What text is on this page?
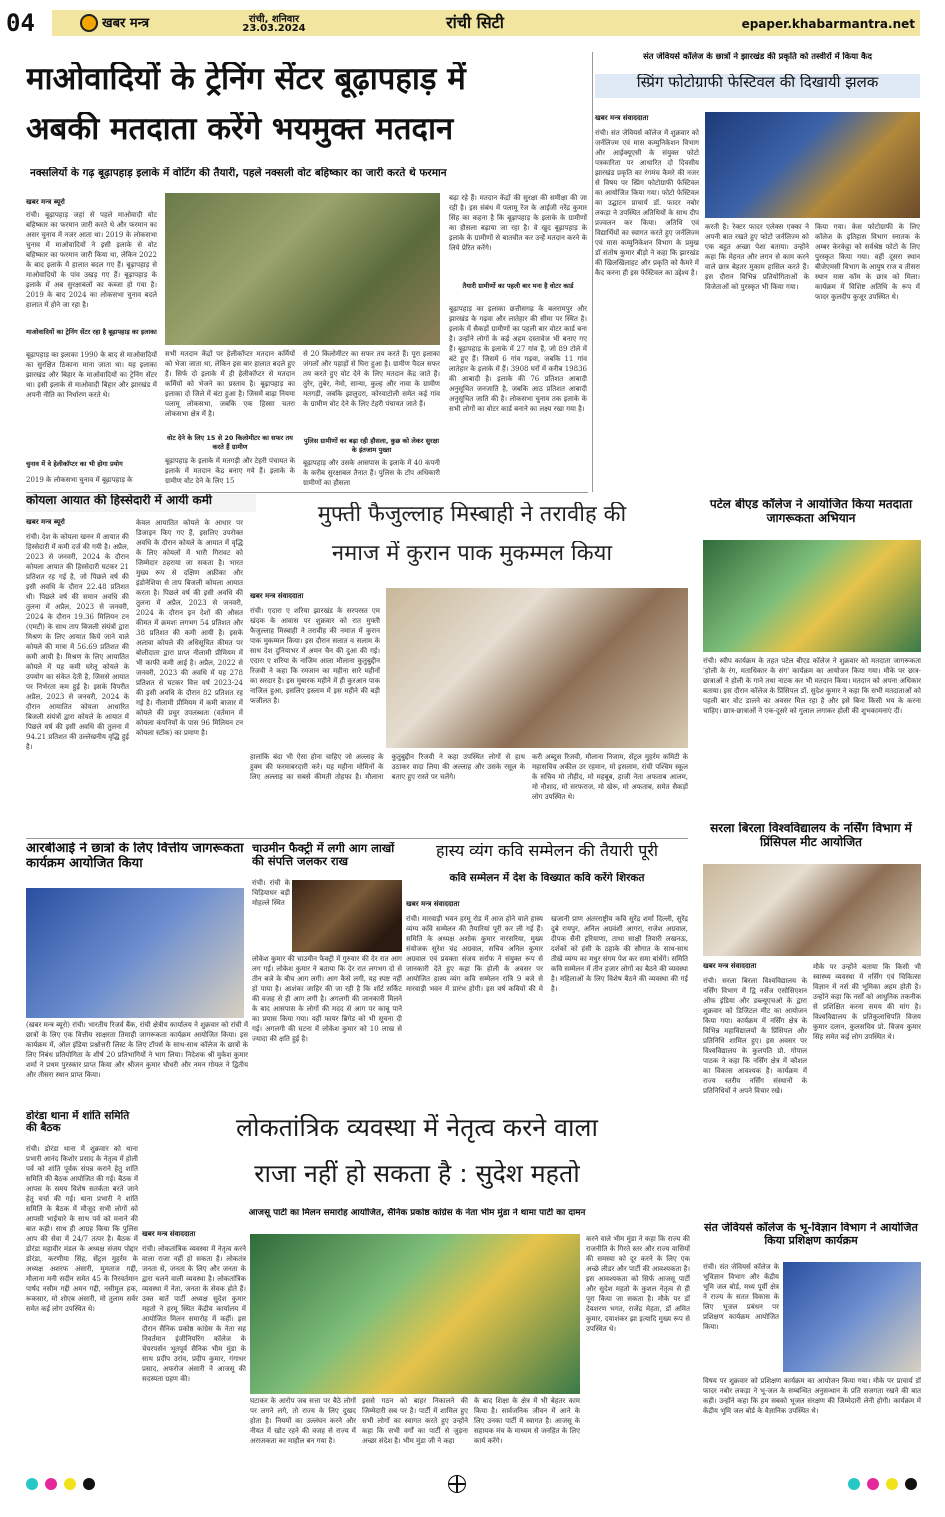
04	खबर मन्त्र	रांची, शनिवार
23.03.2024	रांची सिटी	epaper.khabarmantra.net
माओवादियों के ट्रेनिंग सेंटर बूढ़ापहाड़ में
अबकी मतदाता करेंगे भयमुक्त मतदान
नक्सलियों के गढ़ बूढ़ापहाड़ इलाके में वोटिंग की तैयारी, पहले नक्सली वोट बहिष्कार का जारी करते थे फरमान
खबर मन्त्र ब्यूरो
रांची। बूढ़ापहाड़ जहां से पहले माओवादी वोट बहिष्कार का फरमान जारी करते थे और फरमान का असर चुनाव में नजर आता था। 2019 के लोकसभा चुनाव में माओवादियों ने इसी इलाके से वोट बहिष्कार का फरमान जारी किया था, लेकिन 2022 के बाद इलाके में हालात बदल गए हैं। बूढ़ापहाड़ से माओवादियों के पांव उखड़ गए हैं। बूढ़ापहाड़ के इलाके में अब सुरक्षाबलों का कब्जा हो गया है। 2019 के बाद 2024 का लोकसभा चुनाव बदले हालात में होने जा रहा है।
माओवादियों का ट्रेनिंग सेंटर रहा है बूढ़ापहाड़ का इलाका
बूढ़ापहाड़ का इलाका 1990 के बाद से माओवादियों का सुरक्षित ठिकाना माना जाता था। यह इलाका झारखंड और बिहार के माओवादियों का ट्रेनिंग सेंटर था। इसी इलाके से माओवादी बिहार और झारखंड में अपनी नीति का निर्धारण करते थे।
चुनाव में वे हेलीकॉप्टर का भी होगा प्रयोग
2019 के लोकसभा चुनाव में बूढ़ापहाड़ के
सभी मतदान केंद्रों पर हेलीकॉप्टर मतदान कर्मियों को भेजा जाता था, लेकिन इस बार हालात बदले हुए हैं। सिर्फ दो इलाके में ही हेलीकॉप्टर से मतदान कर्मियों को भेजने का प्रस्ताव है। बूढ़ापहाड़ का इलाका दो जिले में बंटा हुआ है। जिसमें बाढ़ा नियमा पलामू लोकसभा, जबकि एक हिस्सा चतरा लोकसभा क्षेत्र में है।
वोट देने के लिए 15 से 20 किलोमीटर का सफर तय करते हैं ग्रामीण
बूढ़ापहाड़ के इलाके में मतगड़ी और टेहरी पंचायत के इलाके में मतदान केंद्र बनाए गये हैं। इलाके के ग्रामीण वोट देने के लिए 15
से 20 किलोमीटर का सफर तय करते हैं। पूरा इलाका जंगलों और पहाड़ों से घिरा हुआ है। ग्रामीण पैदल सफर तय करते हुए वोट देने के लिए मतदान केंद्र जाते हैं। तुरेर, तुबेर, नेमो, सान्या, कुल्ह और नावा के ग्रामीण मतगड़ी, जबकि झालुदरा, कोरवाटोली समेत कई गांव के ग्रामीण वोट देने के लिए टेहरी पंचायत जाते हैं।
पुलिस ग्रामीणों का बढ़ा रही हौसला, कुछ को लेकर सुरक्षा के इंतजाम पुख्ता
बूढ़ापहाड़ और उसके आसपास के इलाके में 40 कंपनी के करीब सुरक्षाबल तैनात हैं। पुलिस के टॉप अधिकारी ग्रामीणों का हौसला
बढ़ा रहे हैं। मतदान केंद्रों की सुरक्षा की समीक्षा की जा रही है। इस संबंध में पलामू रेंज के आईजी नरेंद्र कुमार सिंह का कहना है कि बूढ़ापहाड़ के इलाके के ग्रामीणों का हौसला बढ़ाया जा रहा है। वे खुद बूढ़ापहाड़ के इलाके के ग्रामीणों से बातचीत कर उन्हें मतदान करने के लिये प्रेरित करेंगे।
तैयारी ग्रामीणों का पहली बार मना है वोटर कार्ड
बूढ़ापहाड़ का इलाका छत्तीसगढ़ के बलरामपुर और झारखंड के गढ़वा और लातेहार की सीमा पर स्थित है। इलाके में सैकड़ों ग्रामीणों का पहली बार वोटर कार्ड बना है। उन्होंने लोगों के कई अहम दस्तावेज भी बनाए गए हैं। बूढ़ापहाड़ के इलाके में 27 गांव हैं, जो 89 टोले में बंटे हुए हैं। जिसमें 6 गांव गढ़वा, जबकि 11 गांव लातेहार के इलाके में हैं। 3908 घरों में करीब 19836 की आबादी है। इलाके की 76 प्रतिशत आबादी अनुसूचित जनजाति है, जबकि आठ प्रतिशत आबादी अनुसूचित जाति की है। लोकसभा चुनाव तक इलाके के सभी लोगों का वोटर कार्ड बनाने का लक्ष्य रखा गया है।
कोयला आयात की हिस्सेदारी में आयी कमी
खबर मन्त्र ब्यूरो
रांची। देश के कोयला खनन में आयात की हिस्सेदारी में कमी दर्ज की गयी है। अप्रैल, 2023 से जनवरी, 2024 के दौरान कोयला आयात की हिस्सेदारी घटकर 21 प्रतिशत रह गई है, जो पिछले वर्ष की इसी अवधि के दौरान 22.48 प्रतिशत थी। पिछले वर्ष की समान अवधि की तुलना में अप्रैल, 2023 से जनवरी, 2024 के दौरान 19.36 मिलियन टन (एमटी) के साथ ताप बिजली संयंत्रों द्वारा मिश्रण के लिए आयात किये जाने वाले कोयले की मात्रा में 56.69 प्रतिशत की कमी आयी है। मिश्रण के लिए आयातित कोयले में यह कमी घरेलू कोयले के उपयोग का संकेत देती है, जिससे आयात पर निर्भरता कम हुई है। इसके विपरीत अप्रैल, 2023 से जनवरी, 2024 के दौरान आयातित कोयला आधारित बिजली संयंत्रों द्वारा कोयले के आयात में पिछले वर्ष की इसी अवधि की तुलना में 94.21 प्रतिशत की उल्लेखनीय वृद्धि हुई है।
केवल आयातित कोयले के आधार पर डिजाइन किए गए हैं, इसलिए उपरोक्त अवधि के दौरान कोयले के आयात में वृद्धि के लिए कोयलों में भारी गिरावट को जिम्मेदार ठहराया जा सकता है। भारत मुख्य रूप से दक्षिण अफ्रीका और इंडोनेशिया से ताप बिजली कोयला आयात करता है। पिछले वर्ष की इसी अवधि की तुलना में अप्रैल, 2023 से जनवरी, 2024 के दौरान इन देशों की औसत कीमत में क्रमशः लगभग 54 प्रतिशत और 38 प्रतिशत की कमी आयी है। इसके अलावा कोयले की अधिसूचित कीमत पर बोलीदाता द्वारा प्राप्त नीलामी प्रीमियम में भी काफी कमी आई है। अप्रैल, 2022 से जनवरी, 2023 की अवधि में यह 278 प्रतिशत से घटकर वित्त वर्ष 2023-24 की इसी अवधि के दौरान 82 प्रतिशत रह गई है। नीलामी प्रीमियम में कमी बाजार में कोयले की प्रचुर उपलब्धता (वर्तमान में कोयला कंपनियों के पास 96 मिलियन टन कोयला स्टॉक) का प्रमाण है।
मुफ्ती फैजुल्लाह मिस्बाही ने तरावीह की
नमाज में कुरान पाक मुकम्मल किया
खबर मन्त्र संवाददाता
रांची। एदारा ए शरिया झारखंड के सरपरस्त एम खंदक के आवास पर शुक्रवार को रात मुफ्ती फैजुल्लाह मिस्बाही ने तरावीह की नमाज में कुरान पाक मुकम्मल किया। इस दौरान सलात व सलाम के साथ देश दुनियाभर में अमन चैन की दुआ की गई। एदारा ए शरिया के नाजिम आला मौलाना कुतुबुद्दीन रिजवी ने कहा कि रमजान का महीना सारे महीनों का सरदार है। इस मुबारक महीने में ही कुरआन पाक नाजिल हुआ, इसलिए इस्लाम में इस महीने की बड़ी फजीलत है।
हालांकि बंदा भी ऐसा होना चाहिए जो अल्लाह के हुक्म की फरमाबरदारी करे। यह महीना मोमिनों के लिए अल्लाह का सबसे कीमती तोहफा है। मौलाना कुतुबुद्दीन रिजवी ने कहा उपस्थित लोगों से हाथ उठाकर वादा लिया की अल्लाह और उसके रसूल के बताए हुए रास्ते पर चलेंगे।
करी अब्दुस रिजवी, मौलाना निजाम, सेंट्रल मुहर्रम कमिटी के महासचिव अकील उर रहमान, मो इसलाम, रांची पश्चिम स्कूल के सचिव मो तौहीद, मो महबूब, हाजी नेता अफताब आलम, मो नौशाद, मो सरफराज, मो खेरू, मो अफताब, समेत सैकड़ों लोग उपस्थित थे।
आरबीआई ने छात्रों के लिए वित्तीय जागरूकता कार्यक्रम आयोजित किया
(खबर मन्त्र ब्यूरो) रांची। भारतीय रिजर्व बैंक, रांची क्षेत्रीय कार्यालय ने शुक्रवार को रांची में छात्रों के लिए एक वित्तीय साक्षरता तिमाही जागरूकता कार्यक्रम आयोजित किया। इस कार्यक्रम में, ऑल इंडिया प्रश्नोत्तरी लिस्ट के लिए टॉपर्स के साथ-साथ कॉलेज के छात्रों के लिए निबंध प्रतियोगिता के शीर्ष 20 प्रतिभागियों ने भाग लिया। निदेशक श्री मुकेश कुमार शर्मा ने प्रथम पुरस्कार प्राप्त किया और श्रीजन कुमार चौधरी और नमन गोयल ने द्वितीय और तीसरा स्थान प्राप्त किया।
चाउमीन फैक्ट्री में लगी आग लाखों की संपत्ति जलकर राख
रांची। रांची के चिड़ियाघर बड़ी मोहल्ले स्थित
लोकेश कुमार की चाउमीन फैक्ट्री में गुरुवार की देर रात आग लग गई। लोकेश कुमार ने बताया कि देर रात लगभग दो से तीन बजे के बीच आग लगी। आग कैसे लगी, यह स्पष्ट नहीं हो पाया है। आशंका जाहिर की जा रही है कि शॉर्ट सर्किट की वजह से ही आग लगी है। अगलगी की जानकारी मिलने के बाद आसपास के लोगों की मदद से आग पर काबू पाने का प्रयास किया गया। वहीं फायर ब्रिगेड को भी सूचना दी गई। अगलगी की घटना में लोकेश कुमार को 10 लाख से ज्यादा की क्षति हुई है।
हास्य व्यंग कवि सम्मेलन की तैयारी पूरी
कवि सम्मेलन में देश के विख्यात कवि करेंगे शिरकत
खबर मन्त्र संवाददाता
रांची। मारवाड़ी भवन हरमू रोड में आज होने वाले हास्य व्यंग्य कवि सम्मेलन की तैयारियां पूरी कर ली गई हैं। समिति के अध्यक्ष अशोक कुमार नारसरिया, मुख्य संयोजक सुरेश चंद्र अग्रवाल, सचिव अनिल कुमार अग्रवाल एवं प्रवक्ता संजय सर्राफ ने संयुक्त रूप से जानकारी देते हुए कहा कि होली के अवसर पर आयोजित हास्य व्यंग कवि सम्मेलन रात्रि 9 बजे से मारवाड़ी भवन में प्रारंभ होगी। इस वर्ष कवियों की मे खजानी प्राण अंतरराष्ट्रीय कवि सुरेंद्र शर्मा दिल्ली, सुरेंद्र दुबे रायपुर, अनिल अग्रवंशी आगरा, राजेश अग्रवाल, दीपक सैनी हरियाणा, ताथा साक्षी तिवारी लखनऊ, दर्शकों को हंसी के ठहाके की सौगात के साथ-साथ तीखे व्यंग्य का मधुर संगम पेश कर समा बांधेंगे। समिति कवि सम्मेलन में तीन हजार लोगों का बैठने की व्यवस्था है। महिलाओं के लिए विशेष बैठने की व्यवस्था की गई है।
डोरंडा थाना में शांति समिति की बैठक
रांची। डोरंडा थाना में शुक्रवार को थाना प्रभारी आनंद किशोर प्रसाद के नेतृत्व में होली पर्व को शांति पूर्वक संपन्न कराने हेतु शांति समिति की बैठक आयोजित की गई। बैठक में आपस के समय विशेष सतर्कता बरते जाने हेतु चर्चा की गई। थाना प्रभारी ने शांति समिति के बैठक में मौजूद सभी लोगों को आपसी भाईचारे के साथ पर्व को मनाने की बात कही। साथ ही आग्रह किया कि पुलिस आप की सेवा में 24/7 तत्पर है। बैठक में डोरंडा महावीर मंडल के अध्यक्ष संजय पोद्दार डोरंडा, करणीया सिंह, सेंट्रल मुहर्रम के अध्यक्ष अशरफ अंसारी, मुमताज गद्दी, मौलाना मनी सदीन समेत 45 के निरवर्तमान पार्षद नसीम गद्दी अमन गद्दी, नसीमुल हक, रूकसार, मो शोएब अंसारी, मो तुलाम सर्वर समेत कई लोग उपस्थित थे।
लोकतांत्रिक व्यवस्था में नेतृत्व करने वाला
राजा नहीं हो सकता है : सुदेश महतो
आजसू पार्टी का मिलन समारोह आयोजित, सैनिक प्रकोष्ठ कांग्रेस के नेता भीम मुंडा ने थामा पार्टी का दामन
खबर मन्त्र संवाददाता
रांची। लोकतांत्रिक व्यवस्था में नेतृत्व करने वाला राजा नहीं हो सकता है। लोकतंत्र जनता से, जनता के लिए और जनता के द्वारा चलने वाली व्यवस्था है। लोकतांत्रिक व्यवस्था में नेता, जनता के सेवक होते हैं। उक्त बातें पार्टी अध्यक्ष सुदेश कुमार महतो ने हरमू स्थित केंद्रीय कार्यालय में आयोजित मिलन समारोह में कहीं। इस दौरान सैनिक प्रकोष्ठ कांग्रेस के नेता सह निवर्तमान इंजीनियरिंग कॉलेज के चेयरपर्सन भूतपूर्व सैनिक भीम मुंडा के साथ प्रदीप उरांव, प्रदीप कुमार, गंगाधर प्रसाद, अफरोज अंसारी ने आजसू की सदस्यता ग्रहण की।
घटाकर के आरोप जब सत्ता पर बैठे लोगों पर लगने लगे, तो राज्य के लिए दुखद होता है। नियमों का उल्लंघन करने और नीयत में खोट रहने की वजह से राज्य में अराजकता का माहौल बन गया है।
इससे गठन को बाहर निकालने की जिम्मेदारी सब पर है। पार्टी में शामिल हुए सभी लोगों का स्वागत करते हुए उन्होंने कहा कि सभी वर्गों का पार्टी से जुड़ना अच्छा संदेश है। भीम मुंडा जी ने कहा
के बाद शिक्षा के क्षेत्र में भी बेहतर काम किया है। सार्वजनिक जीवन में आने के लिए उनका पार्टी में स्वागत है। आजसू के सहायक मंच के माध्यम से जनहित के लिए कार्य करेंगे।
करने वाले भीम मुंडा ने कहा कि राज्य की राजनीति के गिरते स्तर और राज्य वासियों की समस्या को दूर करने के लिए एक अच्छे लीडर और पार्टी की आवश्यकता है। इस आवश्यकता को सिर्फ आजसू पार्टी और सुदेश महतो के कुशल नेतृत्व से ही पूरा किया जा सकता है। मौके पर डॉ देवशरण भगत, राजेंद्र मेहता, डॉ अमित कुमार, दयाशंकर झा इत्यादि मुख्य रूप से उपस्थित थे।
संत जेवियर्स कॉलेज के छात्रों ने झारखंड की प्रकृति को तस्वीरों में किया कैद
स्प्रिंग फोटोग्राफी फेस्टिवल की दिखायी झलक
खबर मन्त्र संवाददाता
रांची। संत जेवियर्स कॉलेज में शुक्रवार को जर्नलिज्म एवं मास कम्युनिकेशन विभाग और आईक्यूएसी के संयुक्त फोटो पत्रकारिता पर आधारित दो दिवसीय झारखंड प्रकृति का रंगमंच कैमरे की नजर से विषय पर स्प्रिंग फोटोग्राफी फेस्टिवल का आयोजित किया गया। फोटो फेस्टिवल का उद्घाटन प्राचार्य डॉ. फादर नबोर लकड़ा ने उपस्थित अतिथियों के साथ दीप प्रज्वलन कर किया। अतिथि एवं विद्यार्थियों का स्वागत करते हुए जर्नलिज्म एवं मास कम्युनिकेशन विभाग के प्रमुख डॉ संतोष कुमार बीड़ो ने कहा कि झारखंड की खिलखिलाहट और प्रकृति को कैमरे में कैद करना ही इस फेस्टिवल का उद्देश्य है।
करती है। रेक्टर फादर एलेक्स एक्का ने अपनी बात रखते हुए फोटो जर्नलिज्म को एक बहुत अच्छा पेशा बताया। उन्होंने कहा कि मेहनत और लगन से काम करने वाले छात्र बेहतर मुकाम हासिल करते हैं। इस दौरान विभिन्न प्रतियोगिताओं के विजेताओं को पुरस्कृत भी किया गया।
किया गया। केस फोटोग्राफी के लिए कॉलेज के इतिहास विभाग स्नातक के अम्बर केरकेट्टा को सर्वश्रेष्ठ फोटो के लिए पुरस्कृत किया गया। वहीं दूसरा स्थान बीजेएमसी विभाग के आयुष राज व तीसरा स्थान मास कॉम के छात्र को मिला। कार्यक्रम में विशिष्ट अतिथि के रूप में फादर कुलदीप कुजूर उपस्थित थे।
पटेल बीएड कॉलेज ने आयोजित किया मतदाता जागरूकता अभियान
रांची। स्वीप कार्यक्रम के तहत पटेल बीएड कॉलेज ने शुक्रवार को मतदाता जागरूकता 'होली के रंग, मताधिकार के संग' कार्यक्रम का आयोजन किया गया। मौके पर छात्र-छात्राओं ने होली के गाने तथा नाटक कर भी मतदान किया। मतदान को अपना अधिकार बताया। इस दौरान कॉलेज के प्रिंसिपल डॉ. सुदेश कुमार ने कहा कि सभी मतदाताओं को पहली बार वोट डालने का अवसर मिल रहा है और इसे बिना किसी भय के करना चाहिए। छात्र-छात्राओं ने एक-दूसरे को गुलाल लगाकर होली की शुभकामनाएं दीं।
सरला बिरला विश्वविद्यालय के नर्सिंग विभाग में प्रिंसिपल मीट आयोजित
खबर मन्त्र संवाददाता
रांची। सरला बिरला विश्वविद्यालय के नर्सिंग विभाग में द्वि नर्सेज एसोसिएशन ऑफ इंडिया और डब्ल्यूएचओ के द्वारा शुक्रवार को डिजिटल मीट का आयोजन किया गया। कार्यक्रम में नर्सिंग क्षेत्र के विभिन्न महाविद्यालयों के प्रिंसिपल और प्रतिनिधि शामिल हुए। इस अवसर पर विश्वविद्यालय के कुलपति प्रो. गोपाल पाठक ने कहा कि नर्सिंग क्षेत्र में कौशल का विकास आवश्यक है। कार्यक्रम में राज्य स्तरीय नर्सिंग संस्थानों के प्रतिनिधियों ने अपने विचार रखे।
मौके पर उन्होंने बताया कि किसी भी स्वास्थ्य व्यवस्था में नर्सिंग एवं चिकित्सा विज्ञान में नर्स की भूमिका अहम होती है। उन्होंने कहा कि नर्सों को आधुनिक तकनीक से प्रशिक्षित करना समय की मांग है। विश्वविद्यालय के प्रतिकुलाधिपति विजय कुमार दलान, कुलसचिव प्रो. विजय कुमार सिंह समेत कई लोग उपस्थित थे।
संत जेवियर्स कॉलेज के भू-विज्ञान विभाग ने आयोजित किया प्रशिक्षण कार्यक्रम
रांची। संत जेवियर्स कॉलेज के भूविज्ञान विभाग और केंद्रीय भूमि जल बोर्ड, मध्य पूर्वी क्षेत्र ने राज्य के सतत विकास के लिए भूजल प्रबंधन पर प्रशिक्षण कार्यक्रम आयोजित किया।
विषय पर शुक्रवार को प्रशिक्षण कार्यक्रम का आयोजन किया गया। मौके पर प्राचार्य डॉ फादर नबोर लकड़ा ने भू-जल के सम्बन्धित अनुसन्धान के प्रति सजगता रखने की बात कही। उन्होंने कहा कि हम सबको भूजल संरक्षण की जिम्मेदारी लेनी होगी। कार्यक्रम में केंद्रीय भूमि जल बोर्ड के वैज्ञानिक उपस्थित थे।
